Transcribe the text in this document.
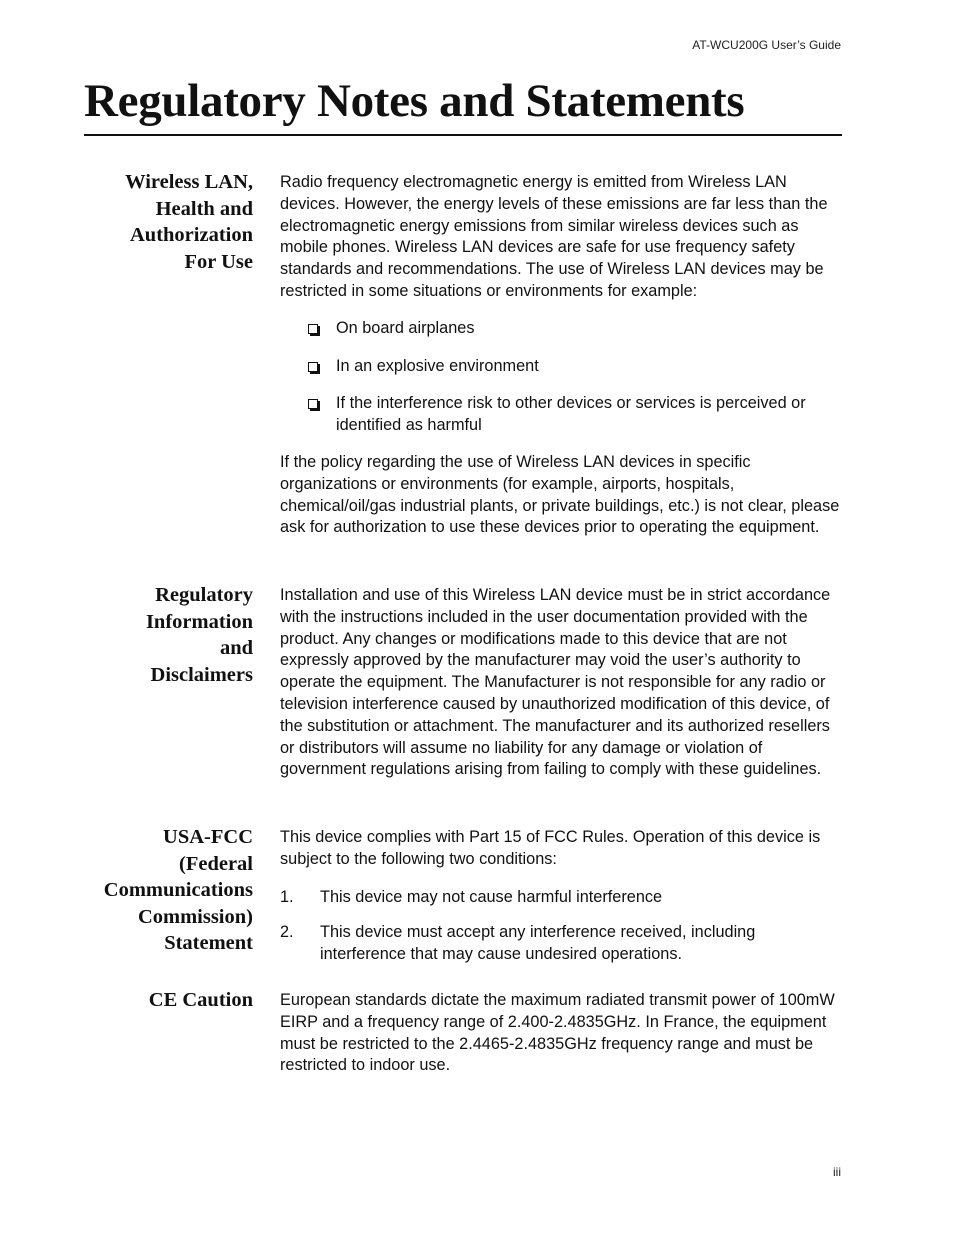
AT-WCU200G User’s Guide
Regulatory Notes and Statements
Wireless LAN,
Health and
Authorization
For Use

Radio frequency electromagnetic energy is emitted from Wireless LAN devices. However, the energy levels of these emissions are far less than the electromagnetic energy emissions from similar wireless devices such as mobile phones. Wireless LAN devices are safe for use frequency safety standards and recommendations. The use of Wireless LAN devices may be restricted in some situations or environments for example:

On board airplanes
In an explosive environment
If the interference risk to other devices or services is perceived or identified as harmful

If the policy regarding the use of Wireless LAN devices in specific organizations or environments (for example, airports, hospitals, chemical/oil/gas industrial plants, or private buildings, etc.) is not clear, please ask for authorization to use these devices prior to operating the equipment.

Regulatory
Information
and
Disclaimers

Installation and use of this Wireless LAN device must be in strict accordance with the instructions included in the user documentation provided with the product. Any changes or modifications made to this device that are not expressly approved by the manufacturer may void the user’s authority to operate the equipment. The Manufacturer is not responsible for any radio or television interference caused by unauthorized modification of this device, of the substitution or attachment. The manufacturer and its authorized resellers or distributors will assume no liability for any damage or violation of government regulations arising from failing to comply with these guidelines.

USA-FCC
(Federal
Communications
Commission)
Statement

This device complies with Part 15 of FCC Rules. Operation of this device is subject to the following two conditions:

1. This device may not cause harmful interference
2. This device must accept any interference received, including interference that may cause undesired operations.
CE Caution European standards dictate the maximum radiated transmit power of 100mW EIRP and a frequency range of 2.400-2.4835GHz. In France, the equipment must be restricted to the 2.4465-2.4835GHz frequency range and must be restricted to indoor use.

iii
